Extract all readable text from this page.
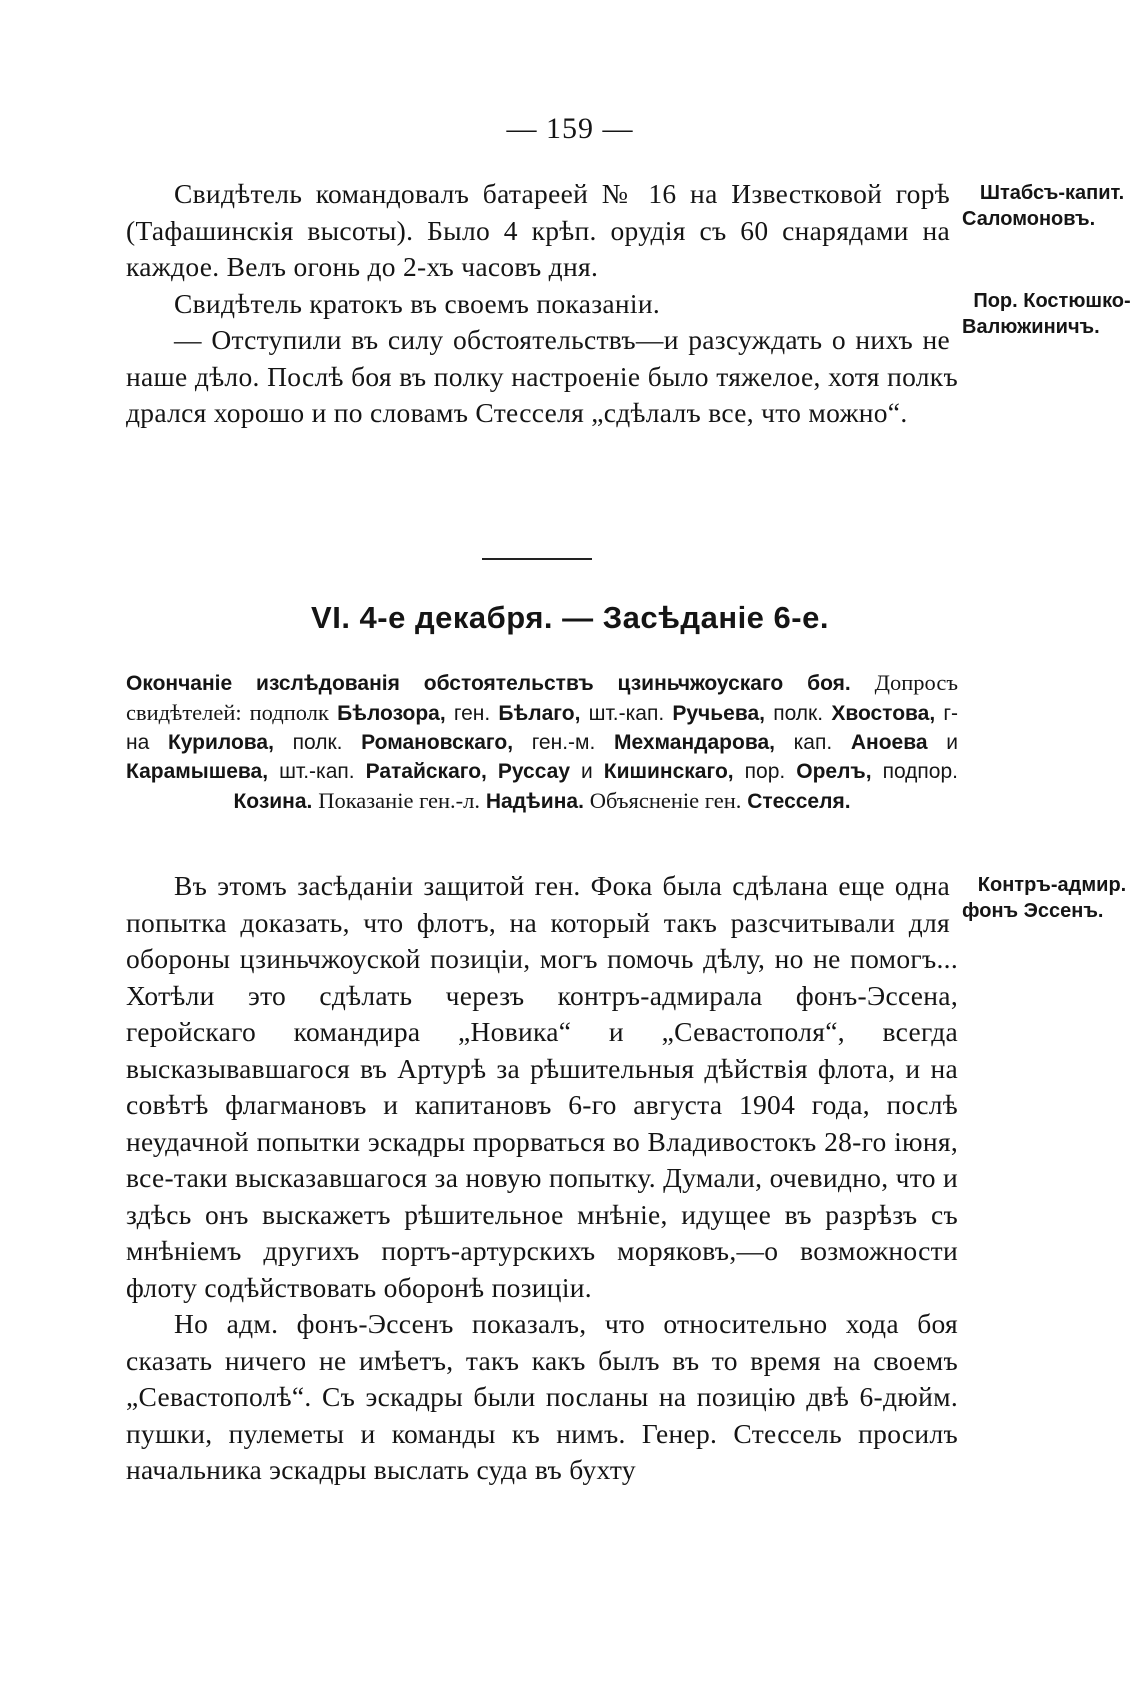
— 159 —

Штабсъ-капит. Саломоновъ.
Свидѣтель командовалъ батареей № 16 на Известковой горѣ (Тафашинскія высоты). Было 4 крѣп. орудія съ 60 снарядами на каждое. Велъ огонь до 2-хъ часовъ дня.

Пор. Костюшко-Валюжиничъ.
Свидѣтель кратокъ въ своемъ показаніи.

— Отступили въ силу обстоятельствъ—и разсуждать о нихъ не наше дѣло. Послѣ боя въ полку настроеніе было тяжелое, хотя полкъ дрался хорошо и по словамъ Стесселя „сдѣлалъ все, что можно“.

VI. 4-е декабря. — Засѣданіе 6-е.
Окончаніе изслѣдованія обстоятельствъ цзиньчжоускаго боя. Допросъ свидѣтелей: подполк Бѣлозора, ген. Бѣлаго, шт.-кап. Ручьева, полк. Хвостова, г-на Курилова, полк. Романовскаго, ген.-м. Мехмандарова, кап. Аноева и Карамышева, шт.-кап. Ратайскаго, Руссау и Кишинскаго, пор. Орелъ, подпор. Козина. Показаніе ген.-л. Надѣина. Объясненіе ген. Стесселя.

Контръ-адмир. фонъ Эссенъ.
Въ этомъ засѣданіи защитой ген. Фока была сдѣлана еще одна попытка доказать, что флотъ, на который такъ разсчитывали для обороны цзиньчжоуской позиціи, могъ помочь дѣлу, но не помогъ... Хотѣли это сдѣлать черезъ контръ-адмирала фонъ-Эссена, геройскаго командира „Новика“ и „Севастополя“, всегда высказывавшагося въ Артурѣ за рѣшительныя дѣйствія флота, и на совѣтѣ флагмановъ и капитановъ 6-го августа 1904 года, послѣ неудачной попытки эскадры прорваться во Владивостокъ 28-го іюня, все-таки высказавшагося за новую попытку. Думали, очевидно, что и здѣсь онъ выскажетъ рѣшительное мнѣніе, идущее въ разрѣзъ съ мнѣніемъ другихъ портъ-артурскихъ моряковъ,—о возможности флоту содѣйствовать оборонѣ позиціи.

Но адм. фонъ-Эссенъ показалъ, что относительно хода боя сказать ничего не имѣетъ, такъ какъ былъ въ то время на своемъ „Севастополѣ“. Съ эскадры были посланы на позицію двѣ 6-дюйм. пушки, пулеметы и команды къ нимъ. Генер. Стессель просилъ начальника эскадры выслать суда въ бухту
